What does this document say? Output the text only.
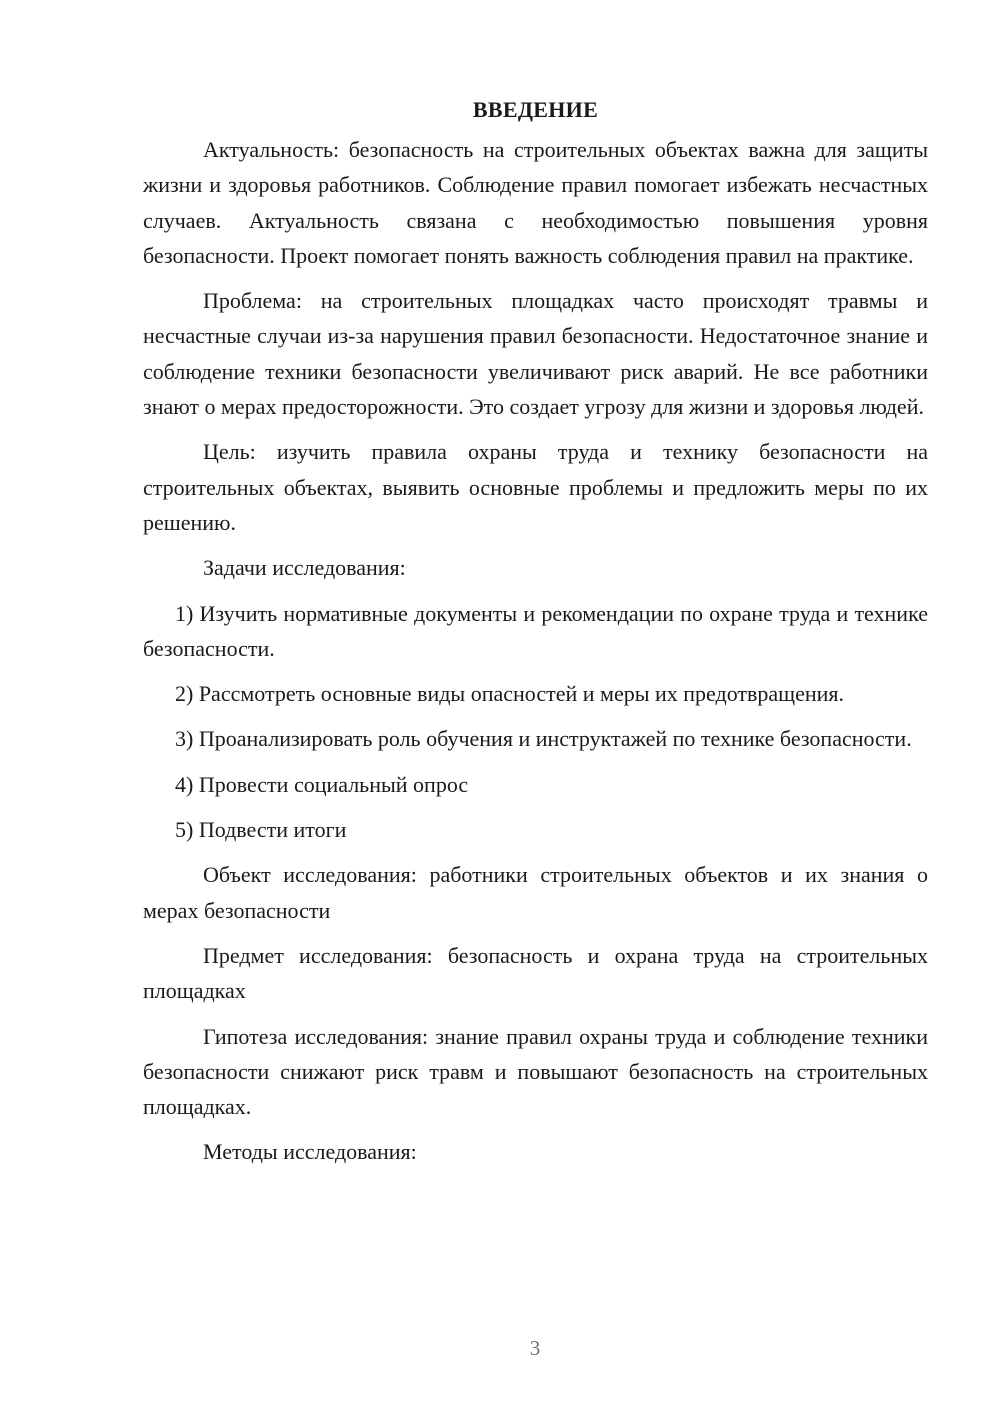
ВВЕДЕНИЕ

Актуальность: безопасность на строительных объектах важна для защиты жизни и здоровья работников. Соблюдение правил помогает избежать несчастных случаев. Актуальность связана с необходимостью повышения уровня безопасности. Проект помогает понять важность соблюдения правил на практике.

Проблема: на строительных площадках часто происходят травмы и несчастные случаи из-за нарушения правил безопасности. Недостаточное знание и соблюдение техники безопасности увеличивают риск аварий. Не все работники знают о мерах предосторожности. Это создает угрозу для жизни и здоровья людей.

Цель: изучить правила охраны труда и технику безопасности на строительных объектах, выявить основные проблемы и предложить меры по их решению.

Задачи исследования:

1) Изучить нормативные документы и рекомендации по охране труда и технике безопасности.

2) Рассмотреть основные виды опасностей и меры их предотвращения.

3) Проанализировать роль обучения и инструктажей по технике безопасности.

4) Провести социальный опрос

5) Подвести итоги

Объект исследования: работники строительных объектов и их знания о мерах безопасности

Предмет исследования: безопасность и охрана труда на строительных площадках

Гипотеза исследования: знание правил охраны труда и соблюдение техники безопасности снижают риск травм и повышают безопасность на строительных площадках.

Методы исследования:

3
